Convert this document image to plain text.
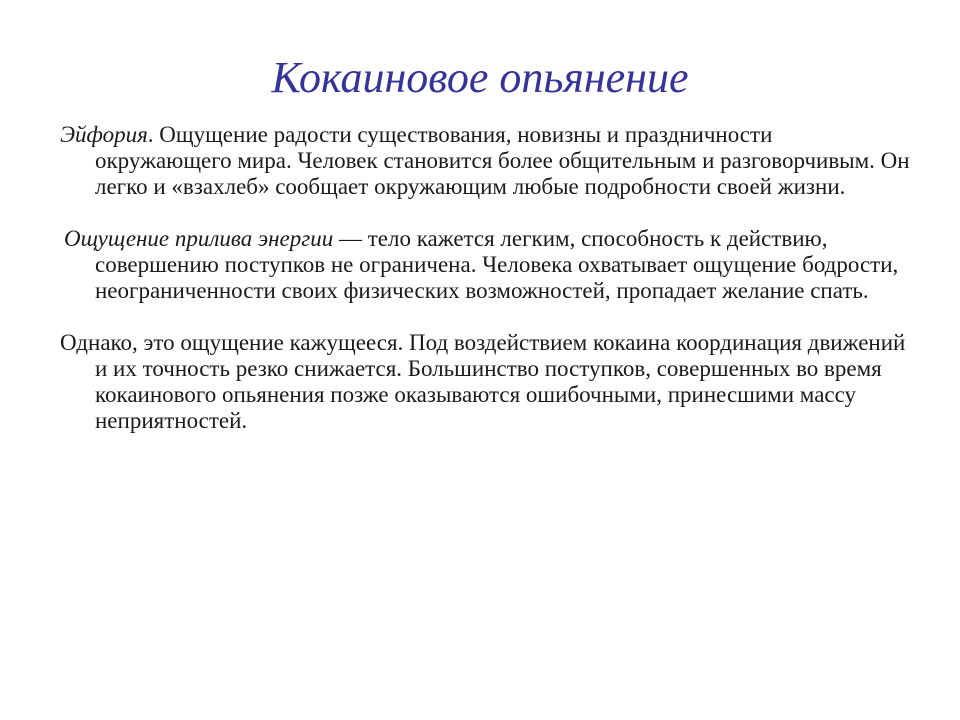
Кокаиновое опьянение

Эйфория. Ощущение радости существования, новизны и праздничности окружающего мира. Человек становится более общительным и разговорчивым. Он легко и «взахлеб» сообщает окружающим любые подробности своей жизни.

Ощущение прилива энергии — тело кажется легким, способность к действию, совершению поступков не ограничена. Человека охватывает ощущение бодрости, неограниченности своих физических возможностей, пропадает желание спать.

Однако, это ощущение кажущееся. Под воздействием кокаина координация движений и их точность резко снижается. Большинство поступков, совершенных во время кокаинового опьянения позже оказываются ошибочными, принесшими массу неприятностей.
